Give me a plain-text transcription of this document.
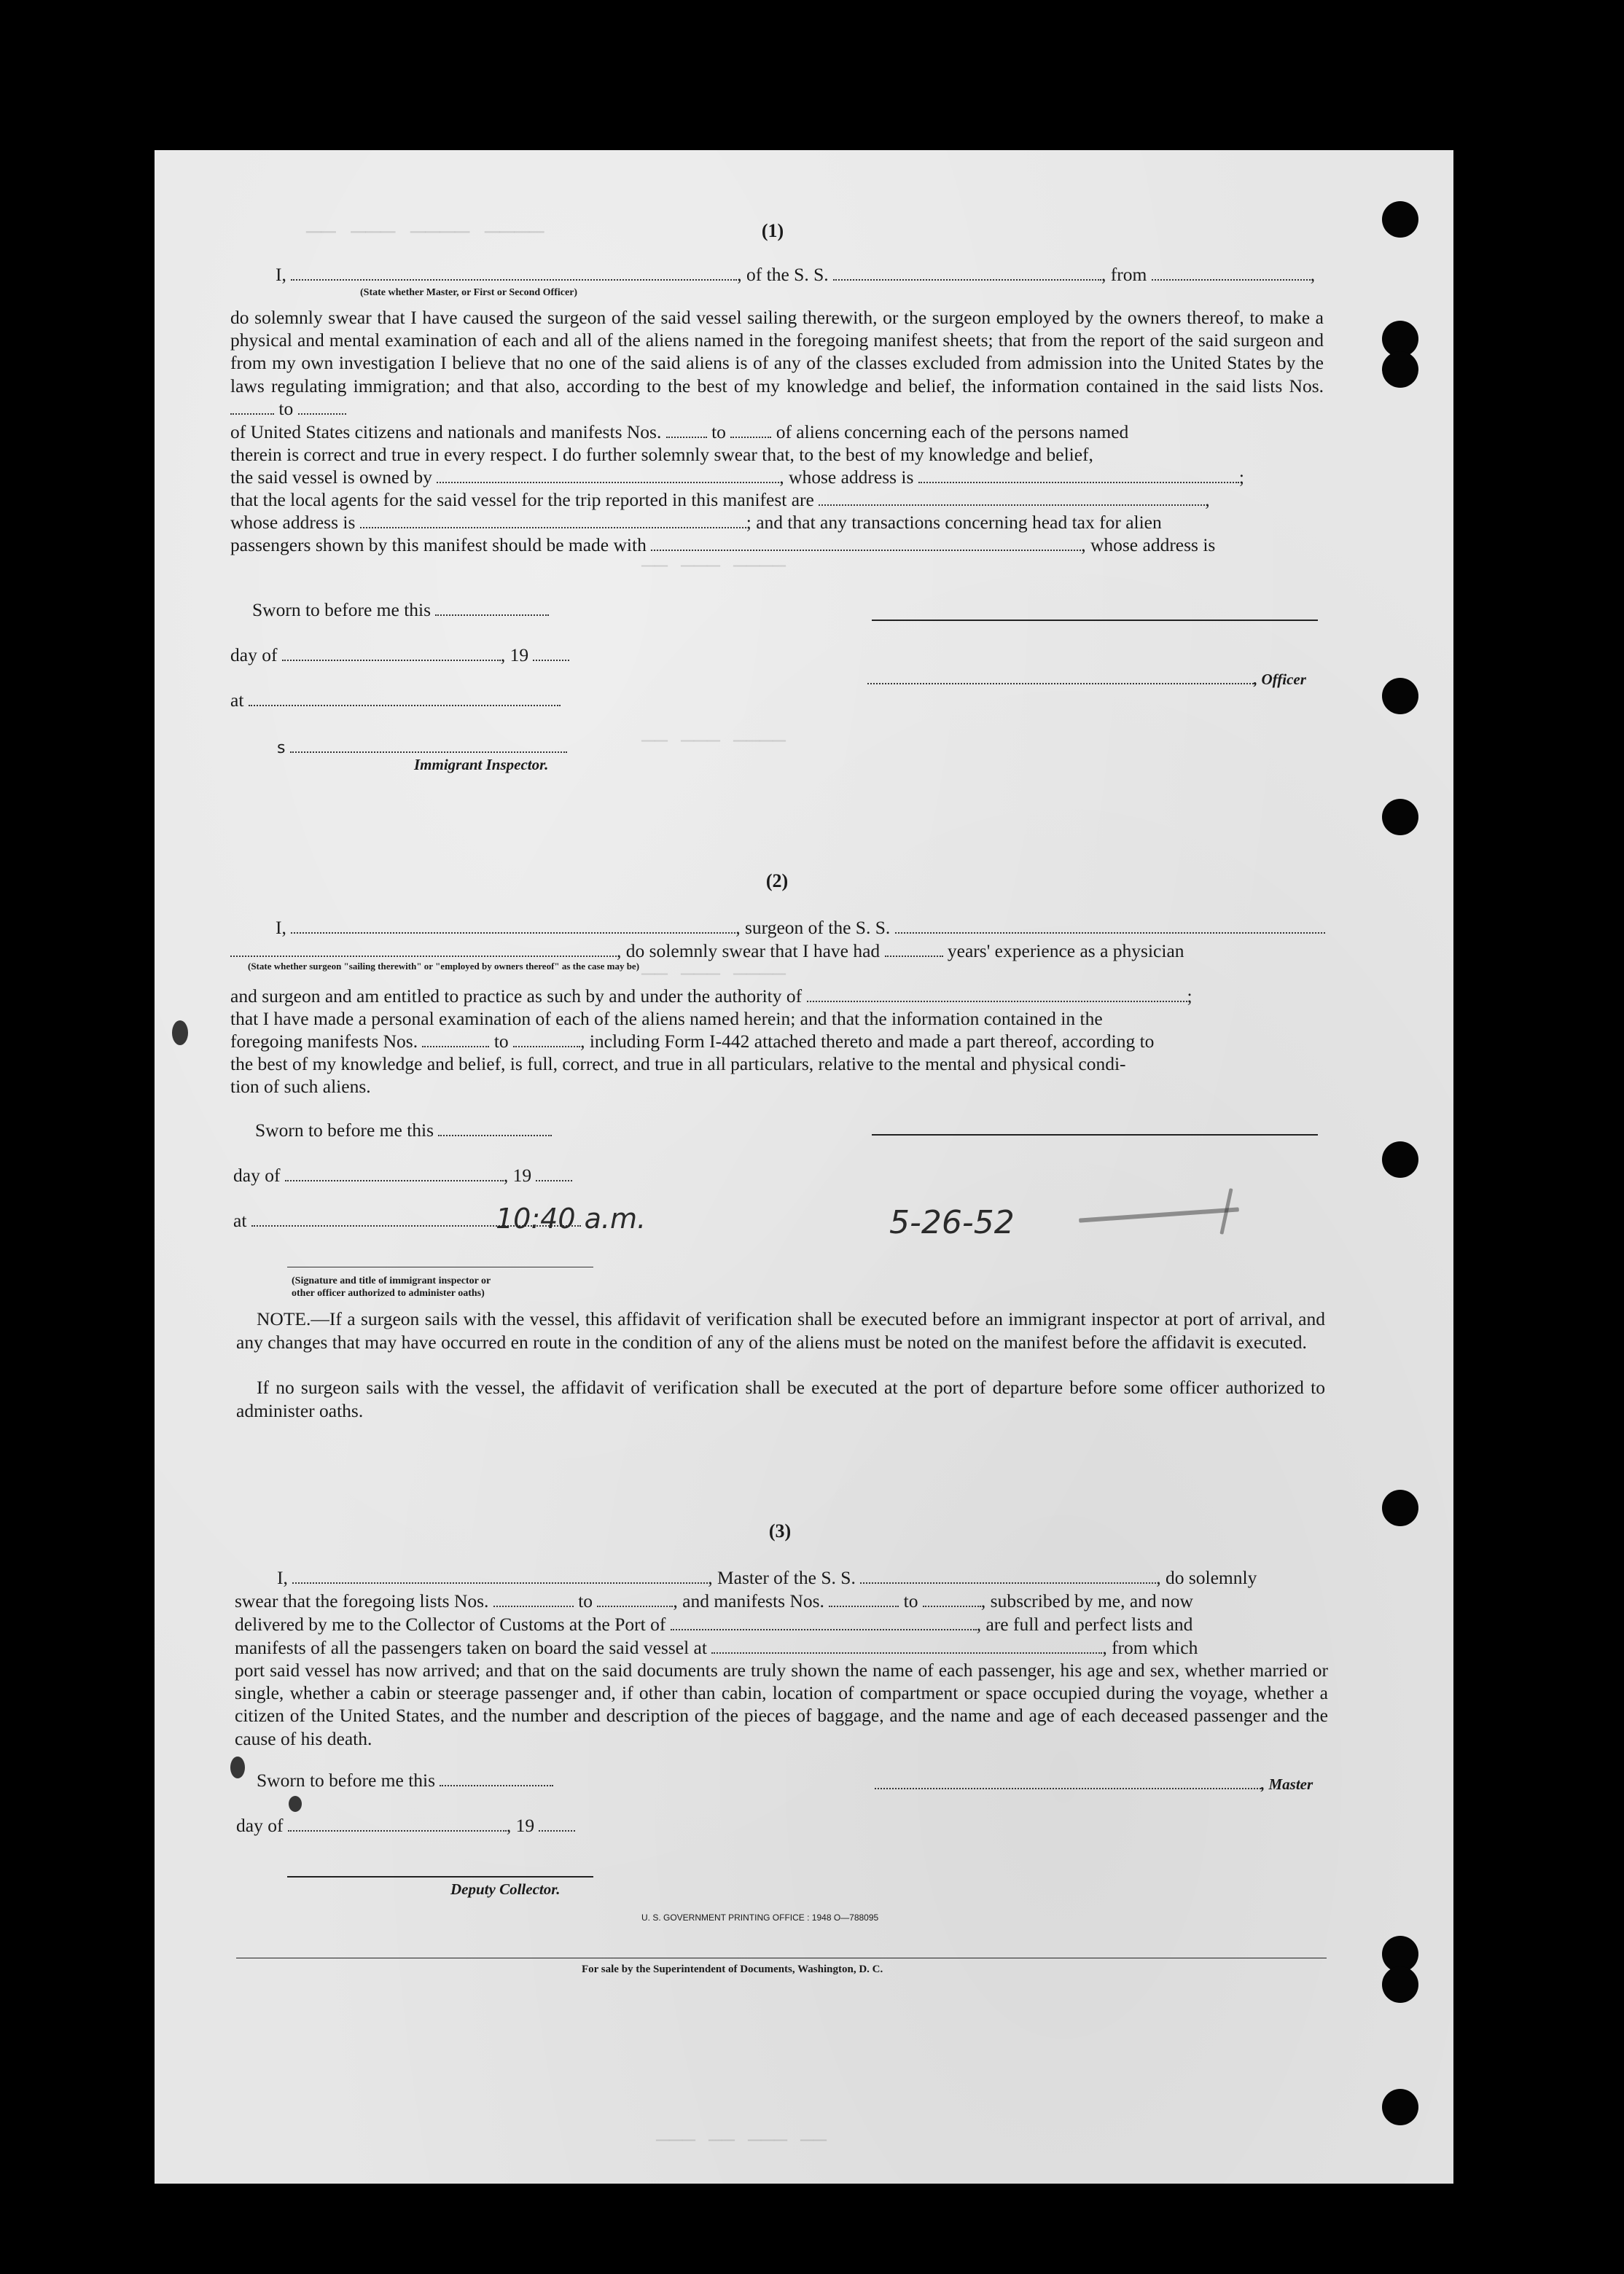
———— ———— ——— ——
———— ——— ——
———— ——— ——
———— ——— ——
—— ——— —— ———
(1)
I,	, of the S. S.	, from	,
(State whether Master, or First or Second Officer)

do solemnly swear that I have caused the surgeon of the said vessel sailing therewith, or the surgeon employed by the owners thereof, to make a physical and mental examination of each and all of the aliens named in the foregoing manifest sheets; that from the report of the said surgeon and from my own investigation I believe that no one of the said aliens is of any of the classes excluded from admission into the United States by the laws regulating immigration; and that also, according to the best of my knowledge and belief, the information contained in the said lists Nos.  to

of United States citizens and nationals and manifests Nos.	to	of aliens concerning each of the persons named
therein is correct and true in every respect. I do further solemnly swear that, to the best of my knowledge and belief,
the said vessel is owned by	, whose address is	;
that the local agents for the said vessel for the trip reported in this manifest are	,
whose address is	; and that any transactions concerning head tax for alien
passengers shown by this manifest should be made with	, whose address is
Sworn to before me this
day of	, 19
, Officer
at
s
Immigrant Inspector.
(2)
I,	, surgeon of the S. S.
, do solemnly swear that I have had	years' experience as a physician
(State whether surgeon "sailing therewith" or "employed by owners thereof" as the case may be)
and surgeon and am entitled to practice as such by and under the authority of	;
that I have made a personal examination of each of the aliens named herein; and that the information contained in the
foregoing manifests Nos.	to	, including Form I-442 attached thereto and made a part thereof, according to
the best of my knowledge and belief, is full, correct, and true in all particulars, relative to the mental and physical condi-
tion of such aliens.
Sworn to before me this
day of	, 19
at	10:40 a.m.	5-26-52
(Signature and title of immigrant inspector or
other officer authorized to administer oaths)

NOTE.—If a surgeon sails with the vessel, this affidavit of verification shall be executed before an immigrant inspector at port of arrival, and any changes that may have occurred en route in the condition of any of the aliens must be noted on the manifest before the affidavit is executed.

If no surgeon sails with the vessel, the affidavit of verification shall be executed at the port of departure before some officer authorized to administer oaths.

(3)
I,	, Master of the S. S.	, do solemnly
swear that the foregoing lists Nos.	to	, and manifests Nos.	to	, subscribed by me, and now
delivered by me to the Collector of Customs at the Port of	, are full and perfect lists and
manifests of all the passengers taken on board the said vessel at	, from which

port said vessel has now arrived; and that on the said documents are truly shown the name of each passenger, his age and sex, whether married or single, whether a cabin or steerage passenger and, if other than cabin, location of compartment or space occupied during the voyage, whether a citizen of the United States, and the number and description of the pieces of baggage, and the name and age of each deceased passenger and the cause of his death.

Sworn to before me this	, Master
day of	, 19
Deputy Collector.
U. S. GOVERNMENT PRINTING OFFICE : 1948 O—788095
For sale by the Superintendent of Documents, Washington, D. C.
